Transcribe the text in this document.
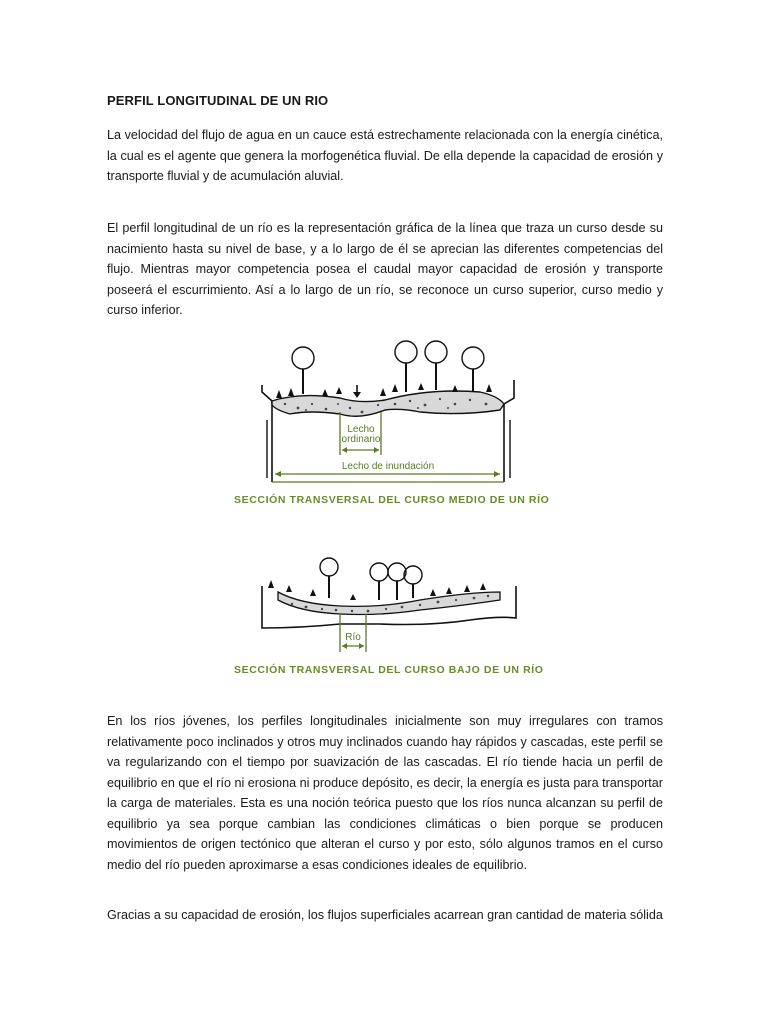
PERFIL LONGITUDINAL DE UN RIO

La velocidad del flujo de agua en un cauce está estrechamente relacionada con la energía cinética, la cual es el agente que genera la morfogenética fluvial. De ella depende la capacidad de erosión y transporte fluvial y de acumulación aluvial.

El perfil longitudinal de un río es la representación gráfica de la línea que traza un curso desde su nacimiento hasta su nivel de base, y a lo largo de él se aprecian las diferentes competencias del flujo. Mientras mayor competencia posea el caudal mayor capacidad de erosión y transporte poseerá el escurrimiento. Así a lo largo de un río, se reconoce un curso superior, curso medio y curso inferior.

Lecho
ordinario
Lecho de inundación
SECCIÓN TRANSVERSAL DEL CURSO MEDIO DE UN RÍO
Río
SECCIÓN TRANSVERSAL DEL CURSO BAJO DE UN RÍO

En los ríos jóvenes, los perfiles longitudinales inicialmente son muy irregulares con tramos relativamente poco inclinados y otros muy inclinados cuando hay rápidos y cascadas, este perfil se va regularizando con el tiempo por suavización de las cascadas. El río tiende hacia un perfil de equilibrio en que el río ni erosiona ni produce depósito, es decir, la energía es justa para transportar la carga de materiales. Esta es una noción teórica puesto que los ríos nunca alcanzan su perfil de equilibrio ya sea porque cambian las condiciones climáticas o bien porque se producen movimientos de origen tectónico que alteran el curso y por esto, sólo algunos tramos en el curso medio del río pueden aproximarse a esas condiciones ideales de equilibrio.

Gracias a su capacidad de erosión, los flujos superficiales acarrean gran cantidad de materia sólida
